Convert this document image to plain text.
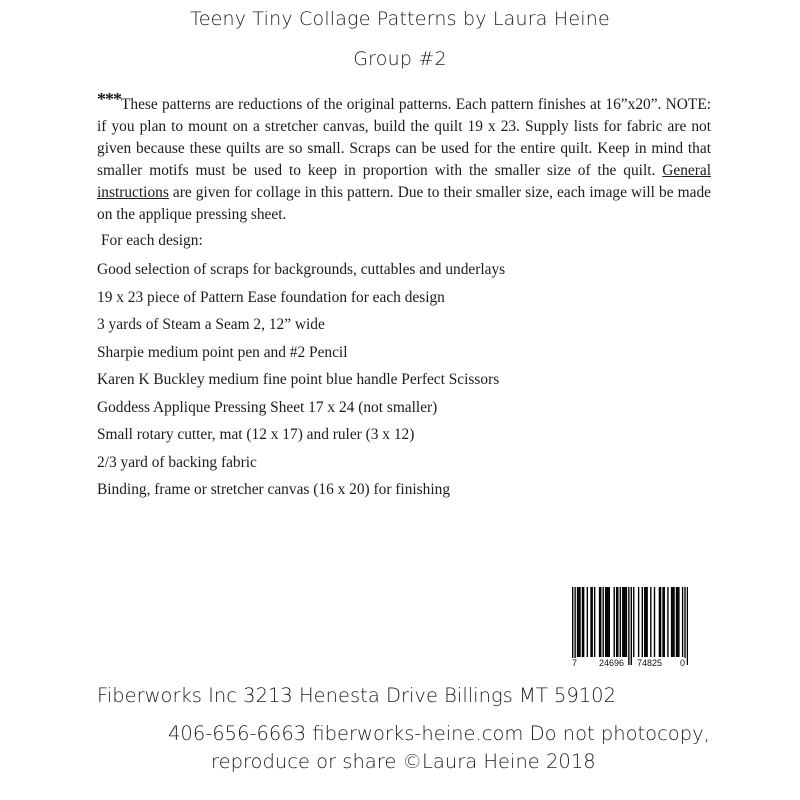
Teeny Tiny Collage Patterns by Laura Heine
Group #2

***These patterns are reductions of the original patterns. Each pattern finishes at 16”x20”. NOTE: if you plan to mount on a stretcher canvas, build the quilt 19 x 23. Supply lists for fabric are not given because these quilts are so small. Scraps can be used for the entire quilt. Keep in mind that smaller motifs must be used to keep in proportion with the smaller size of the quilt. General instructions are given for collage in this pattern. Due to their smaller size, each image will be made on the applique pressing sheet.

For each design:
Good selection of scraps for backgrounds, cuttables and underlays
19 x 23 piece of Pattern Ease foundation for each design
3 yards of Steam a Seam 2, 12” wide
Sharpie medium point pen and #2 Pencil
Karen K Buckley medium fine point blue handle Perfect Scissors
Goddess Applique Pressing Sheet 17 x 24 (not smaller)
Small rotary cutter, mat (12 x 17) and ruler (3 x 12)
2/3 yard of backing fabric
Binding, frame or stretcher canvas (16 x 20) for finishing
7 24696 74825 0
Fiberworks Inc 3213 Henesta Drive Billings MT 59102
406-656-6663 fiberworks-heine.com Do not photocopy,
reproduce or share ©Laura Heine 2018
